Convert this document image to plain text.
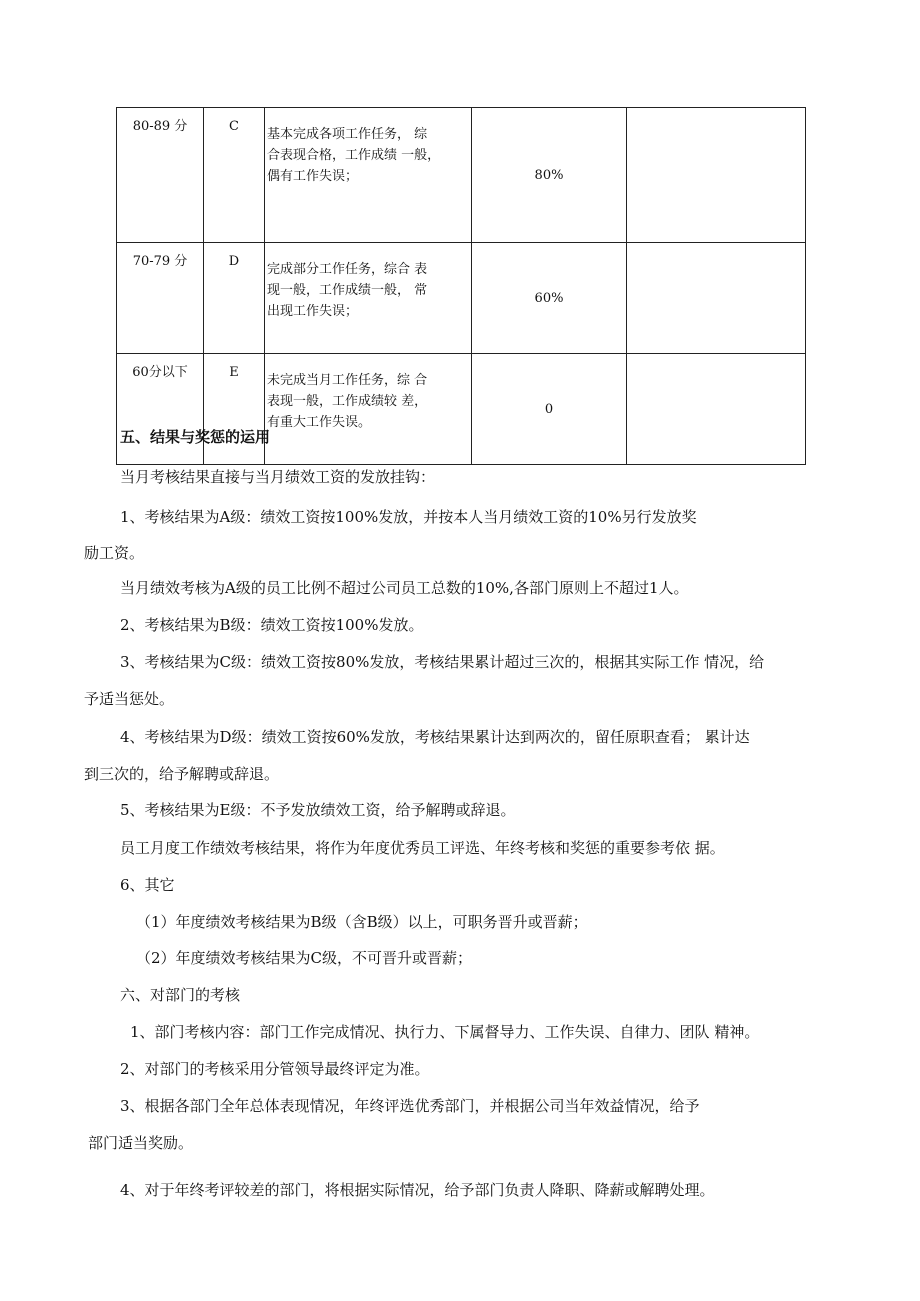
80-89 分	C	基本完成各项工作任务， 综
合表现合格，工作成绩 一般，
偶有工作失误；	80%	
70-79 分	D	完成部分工作任务，综合 表
现一般，工作成绩一般， 常
出现工作失误；	60%	
60分以下	E	未完成当月工作任务，综 合
表现一般，工作成绩较 差，
有重大工作失误。	0	
五、结果与奖惩的运用
当月考核结果直接与当月绩效工资的发放挂钩：
1、考核结果为A级：绩效工资按100%发放，并按本人当月绩效工资的10%另行发放奖
励工资。
当月绩效考核为A级的员工比例不超过公司员工总数的10%,各部门原则上不超过1人。
2、考核结果为B级：绩效工资按100%发放。
3、考核结果为C级：绩效工资按80%发放，考核结果累计超过三次的，根据其实际工作 情况，给
予适当惩处。
4、考核结果为D级：绩效工资按60%发放，考核结果累计达到两次的，留任原职查看； 累计达
到三次的，给予解聘或辞退。
5、考核结果为E级：不予发放绩效工资，给予解聘或辞退。
员工月度工作绩效考核结果，将作为年度优秀员工评选、年终考核和奖惩的重要参考依 据。
6、其它
（1）年度绩效考核结果为B级（含B级）以上，可职务晋升或晋薪；
（2）年度绩效考核结果为C级，不可晋升或晋薪；
六、对部门的考核
1、部门考核内容：部门工作完成情况、执行力、下属督导力、工作失误、自律力、团队 精神。
2、对部门的考核采用分管领导最终评定为准。
3、根据各部门全年总体表现情况，年终评选优秀部门，并根据公司当年效益情况，给予
部门适当奖励。
4、对于年终考评较差的部门，将根据实际情况，给予部门负责人降职、降薪或解聘处理。
